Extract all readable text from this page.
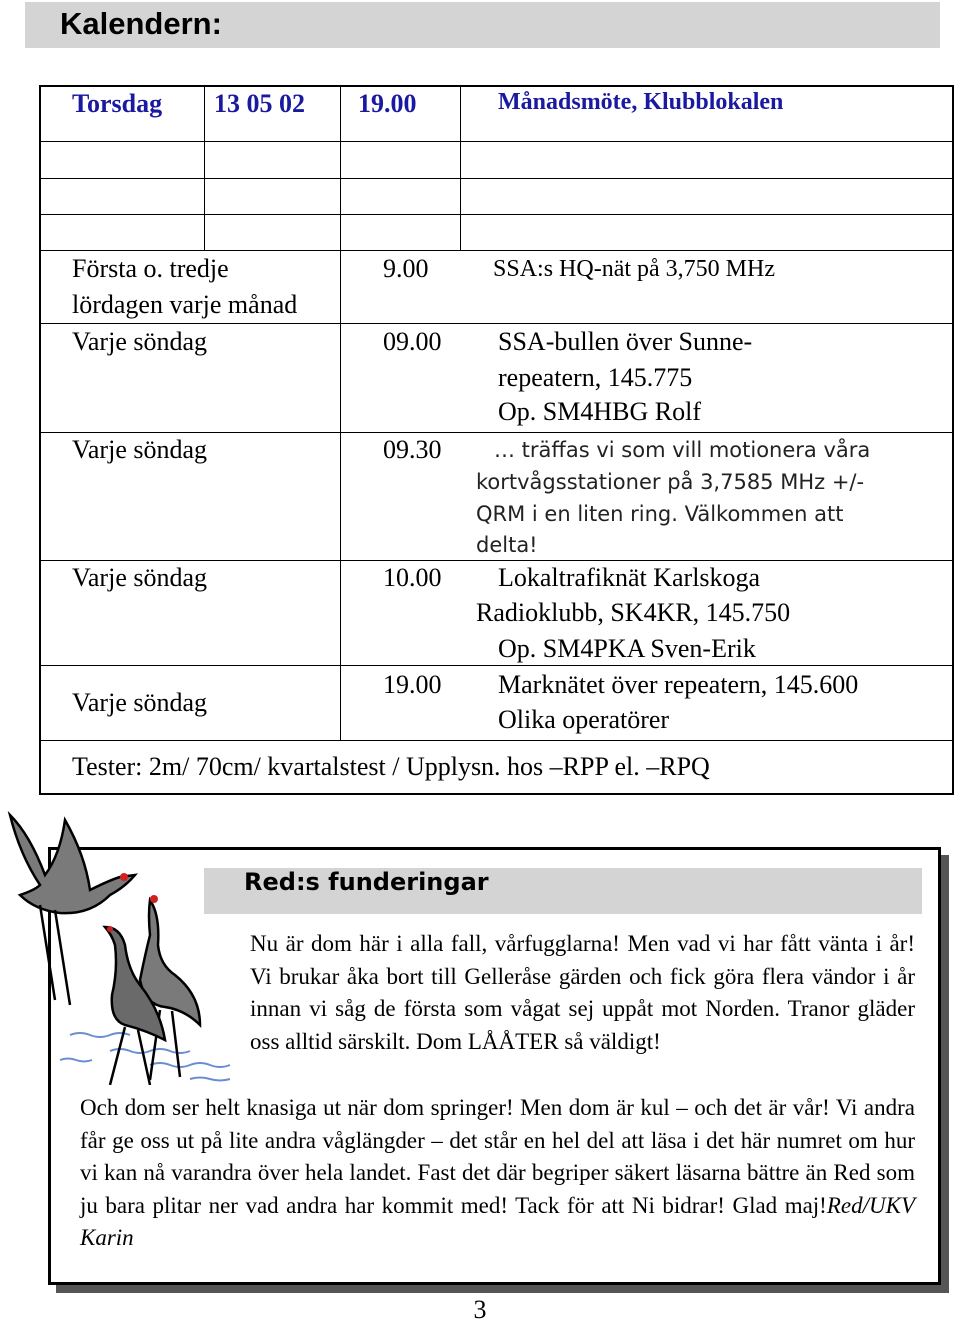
Kalendern:
Torsdag 13 05 02 19.00	Månadsmöte, Klubblokalen
Första o. tredje
lördagen varje månad
9.00	SSA:s HQ-nät på 3,750 MHz
Varje söndag	09.00 SSA-bullen över Sunne-
repeatern, 145.775
Op. SM4HBG Rolf
Varje söndag	09.30	… träffas vi som vill motionera våra
kortvågsstationer på 3,7585 MHz +/-
QRM i en liten ring. Välkommen att
delta!
Varje söndag	10.00 Lokaltrafiknät Karlskoga
Radioklubb, SK4KR, 145.750
Op. SM4PKA Sven-Erik
Varje söndag
19.00 Marknätet över repeatern, 145.600
Olika operatörer
Tester: 2m/ 70cm/ kvartalstest / Upplysn. hos –RPP el. –RPQ
Red:s funderingar
Nu är dom här i alla fall, vårfugglarna! Men vad vi har fått vänta i år! Vi brukar åka bort till Gelleråse gärden och fick göra flera vändor i år innan vi såg de första som vågat sej uppåt mot Norden. Tranor gläder oss alltid särskilt. Dom LÅÅTER så väldigt!
Och dom ser helt knasiga ut när dom springer! Men dom är kul – och det är vår! Vi andra får ge oss ut på lite andra våglängder – det står en hel del att läsa i det här numret om hur vi kan nå varandra över hela landet. Fast det där begriper säkert läsarna bättre än Red som ju bara plitar ner vad andra har kommit med! Tack för att Ni bidrar! Glad maj!Red/UKV Karin
3
